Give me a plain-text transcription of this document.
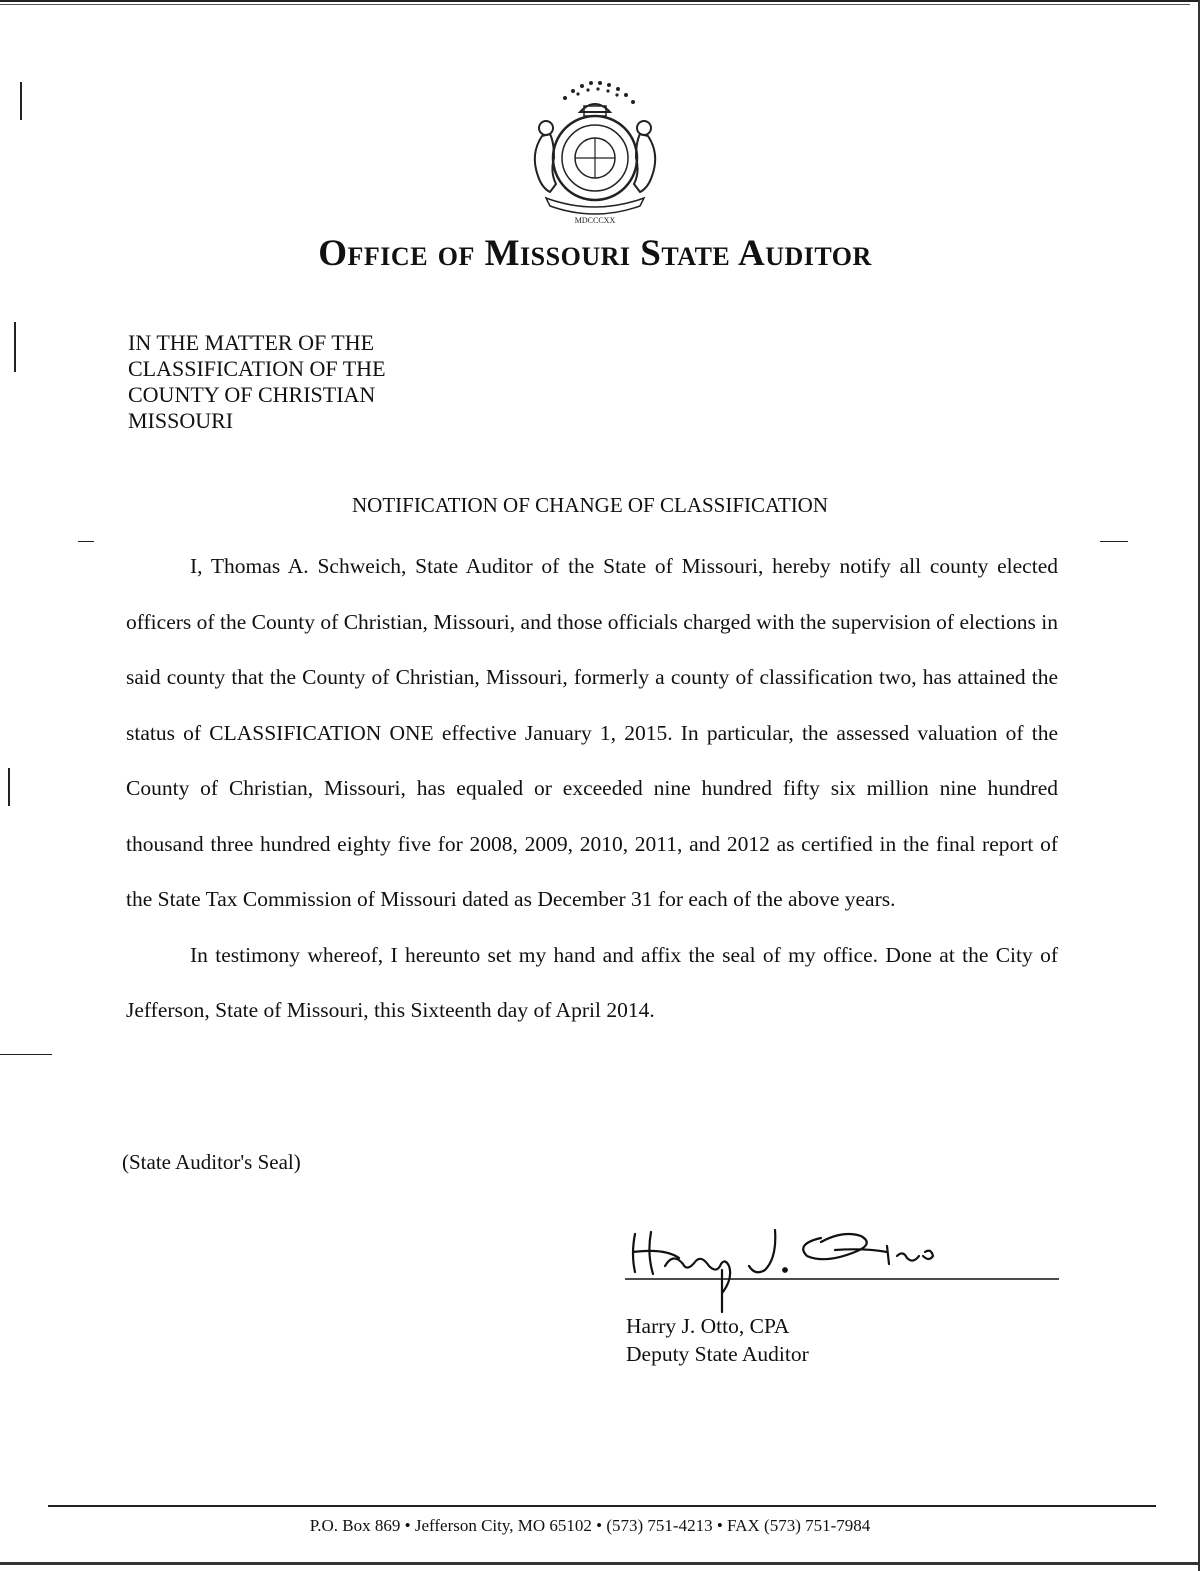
MDCCCXX
Office of Missouri State Auditor
IN THE MATTER OF THE
CLASSIFICATION OF THE
COUNTY OF CHRISTIAN
MISSOURI
NOTIFICATION OF CHANGE OF CLASSIFICATION

I, Thomas A. Schweich, State Auditor of the State of Missouri, hereby notify all county elected officers of the County of Christian, Missouri, and those officials charged with the supervision of elections in said county that the County of Christian, Missouri, formerly a county of classification two, has attained the status of CLASSIFICATION ONE effective January 1, 2015. In particular, the assessed valuation of the County of Christian, Missouri, has equaled or exceeded nine hundred fifty six million nine hundred thousand three hundred eighty five for 2008, 2009, 2010, 2011, and 2012 as certified in the final report of the State Tax Commission of Missouri dated as December 31 for each of the above years.

In testimony whereof, I hereunto set my hand and affix the seal of my office. Done at the City of Jefferson, State of Missouri, this Sixteenth day of April 2014.

(State Auditor's Seal)
Harry J. Otto, CPA
Deputy State Auditor
P.O. Box 869 • Jefferson City, MO 65102 • (573) 751-4213 • FAX (573) 751-7984
